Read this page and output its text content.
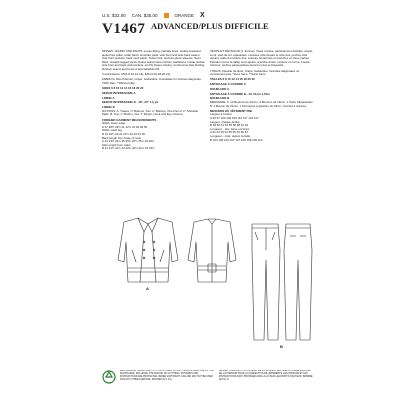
U.S. $32.00 CAN. $35.00	ORANGE X
V1467 ADVANCED/PLUS DIFFICILE
MISSES' JACKET AND PANTS: Loose-fitting, partially lined, double-breasted jacket has collar, collar band, shoulder pads, side front and side back seams, side front pockets, back neck patch, button belt, and two-piece sleeves. Semi-fitted, straight-legged pants (below waist) have contour waistband, inside pocket, side front and back welt pockets, and fly zipper closing. Continuous bias binding finishes seams and hems A and waistband B.
Combinations: A5(6-8-10-12-14), E5(14-16-18-20-22)
FABRICS: Wool Flannel, Crêpe, Gabardine. Unsuitable for obvious diagonals. *With Nap, **Without Nap
SIZES 6 8 10 12 14 16 18 20 22
SEW-IN INTERFACING A
LINING A
SEW-IN INTERFACING B - 18", 20" 1⅞ yd
LINING B
NOTIONS: A: Twelve ⅞" Buttons, Two ¾" Buttons, One Pair of ¾" Shoulder Pads. B: One ⅞" Button, One 7" Zipper, Hook and Eye Closure.
FINISHED GARMENT MEASUREMENTS
Width, lower edge
A 37 38½ 39½ 41 42½ 44 46 48 50
Width, each leg
B 19 19½ 20 21 21½ 22 23 24 25
Back length from base of neck
A 24 24½ 24¾ 25 25¼ 25½ 25¾ 26 26¼
Side length from waist
B 41 41½ 41¾ 42 42¼ 42½ 42¾ 43 43¼
VESTE ET PANTALON (J. femme): Veste croisée, partiellement doublée, ample, à col, pied de col, épaulettes, coutures côté devant et côté dos, poches côté devant, patte d'encolure dos, ceinture boutonnée et manches en deux parties. Pantalon (sous la taille) semi-ajusté, à jambe droite, ceinture en forme, bouton intérieur, poches passepoilées devant et dos et braguette.
TISSUS: Flanelle de laine, Crêpe, Gabardine. Grandes diagonales ne conviennent pas. *Avec Sens, **Sans Sens
TAILLES 6 8 10 12 14 16 18 20 22
ENTOILAGE À COUDRE A
DOUBLURE A
ENTOILAGE À COUDRE B - 46, 51cm 1,70m
DOUBLURE B
MERCERIE: A: 12 Boutons de 22mm, 2 Boutons de 19mm, 1 Paire d'Épaulettes. B: 1 Bouton de 22mm, 1 Fermeture à glissière de 18cm, Crochet à ceinture.
MESURES DU VÊTEMENT FINI
Largeur à l'ourlet
A 94 97 100 104 108 112 117 122 127
Largeur, chaque jambe
B 48 50 51 53 55 56 58 61 64
Longueur - dos, base encolure
A 61 62 63 64 65 65 66 66 67
Longueur - côté, depuis la taille
B 104 105 106 107 107 108 109 109 110
A
B
RECOGNIZING HUMAN RIGHTS: THIS PATTERN IS FOR THE EXCLUSIVE USE OF THE PURCHASER, INCLUDING THE MAKING OF CLOTHING. PATTERNS AND INSTRUCTIONS ARE PROTECTED UNDER COPYRIGHT LAW AND MAY NOT BE USED FOR ANY OTHER PURPOSE. PRINTED IN U.S.A.
RESPECT DES DROITS D'AUTEUR: CE PATRON EST DESTINÉ À L'USAGE EXCLUSIF DE L'ACHETEUR POUR LA CONFECTION DE VÊTEMENTS. LES PATRONS ET LES INSTRUCTIONS SONT PROTÉGÉS PAR LA LOI SUR LES DROITS D'AUTEUR. IMPRIMÉ AUX É.-U.
